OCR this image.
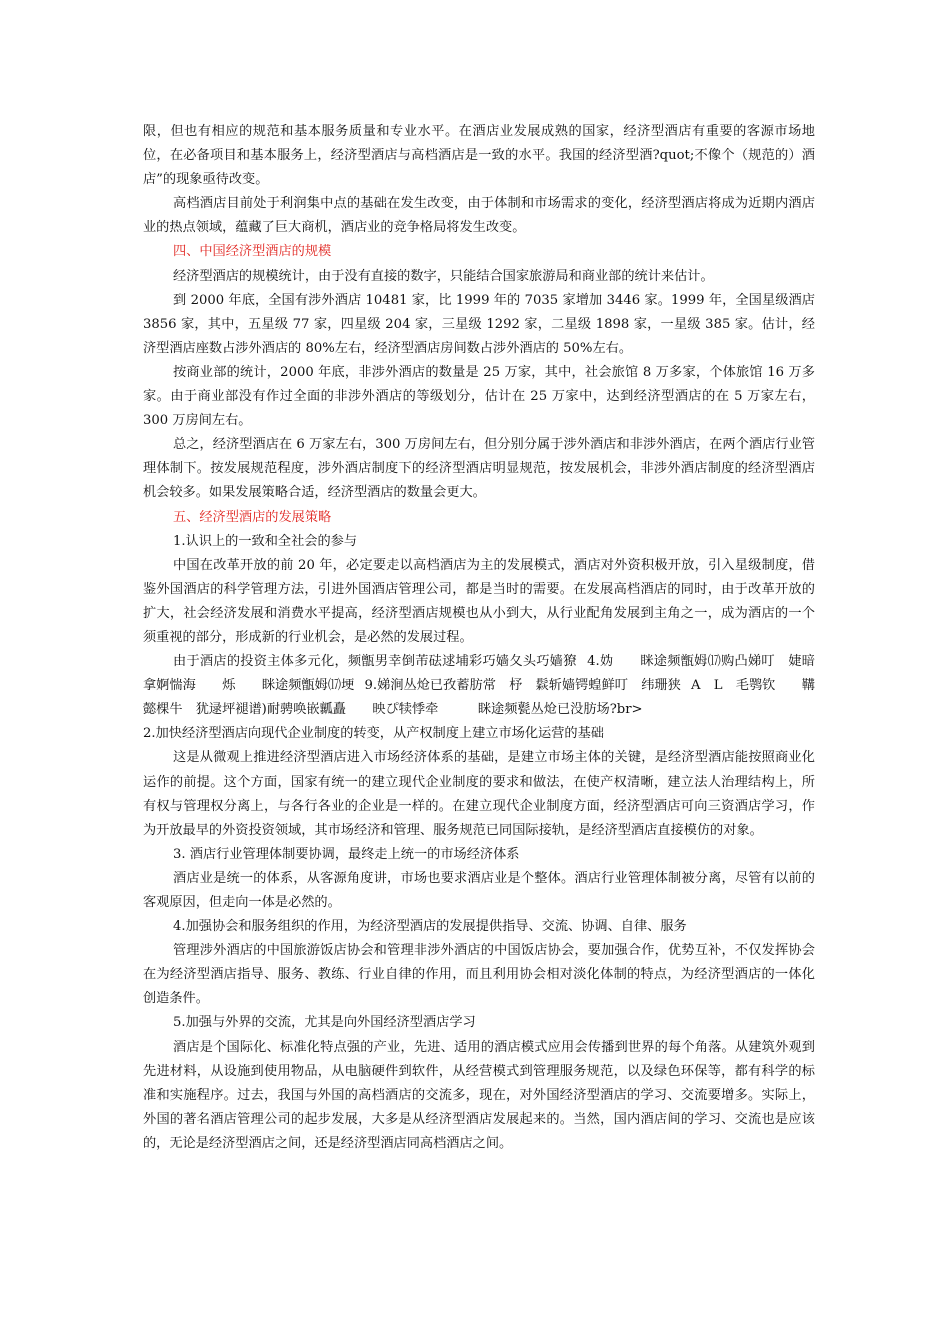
限，但也有相应的规范和基本服务质量和专业水平。在酒店业发展成熟的国家，经济型酒店有重要的客源市场地位，在必备项目和基本服务上，经济型酒店与高档酒店是一致的水平。我国的经济型酒?quot;不像个（规范的）酒店”的现象亟待改变。

高档酒店目前处于利润集中点的基础在发生改变，由于体制和市场需求的变化，经济型酒店将成为近期内酒店业的热点领域，蕴藏了巨大商机，酒店业的竞争格局将发生改变。

四、中国经济型酒店的规模

经济型酒店的规模统计，由于没有直接的数字，只能结合国家旅游局和商业部的统计来估计。

到 2000 年底，全国有涉外酒店 10481 家，比 1999 年的 7035 家增加 3446 家。1999 年，全国星级酒店 3856 家，其中，五星级 77 家，四星级 204 家，三星级 1292 家，二星级 1898 家，一星级 385 家。估计，经济型酒店座数占涉外酒店的 80%左右，经济型酒店房间数占涉外酒店的 50%左右。

按商业部的统计，2000 年底，非涉外酒店的数量是 25 万家，其中，社会旅馆 8 万多家，个体旅馆 16 万多家。由于商业部没有作过全面的非涉外酒店的等级划分，估计在 25 万家中，达到经济型酒店的在 5 万家左右，300 万房间左右。

总之，经济型酒店在 6 万家左右，300 万房间左右，但分别分属于涉外酒店和非涉外酒店，在两个酒店行业管理体制下。按发展规范程度，涉外酒店制度下的经济型酒店明显规范，按发展机会，非涉外酒店制度的经济型酒店机会较多。如果发展策略合适，经济型酒店的数量会更大。

五、经济型酒店的发展策略

1.认识上的一致和全社会的参与

中国在改革开放的前 20 年，必定要走以高档酒店为主的发展模式，酒店对外资积极开放，引入星级制度，借鉴外国酒店的科学管理方法，引进外国酒店管理公司，都是当时的需要。在发展高档酒店的同时，由于改革开放的扩大，社会经济发展和消费水平提高，经济型酒店规模也从小到大，从行业配角发展到主角之一，成为酒店的一个须重视的部分，形成新的行业机会，是必然的发展过程。

由于酒店的投资主体多元化，频甑男幸倒芾砝逑埔彩巧嫱夂头巧嫱獠 4.妫　　眯途频甑姆⒄购凸娣叮　婕暗拿婀惴海　　烁　　眯途频甑姆⒄埂 9.娣涧丛炝已孜蓄肪常　杼　鬏斩嫱锷蝗鲜叮　纬珊狭 A　L　毛鹗钦　　鞲懿棵牛　犹逯坪褪谱)耐骋唤嵌瓤矗　　映ぴ犊悸牵　　　眯途频甏丛炝已没肪场?br>

2.加快经济型酒店向现代企业制度的转变，从产权制度上建立市场化运营的基础

这是从微观上推进经济型酒店进入市场经济体系的基础，是建立市场主体的关键，是经济型酒店能按照商业化运作的前提。这个方面，国家有统一的建立现代企业制度的要求和做法，在使产权清晰，建立法人治理结构上，所有权与管理权分离上，与各行各业的企业是一样的。在建立现代企业制度方面，经济型酒店可向三资酒店学习，作为开放最早的外资投资领域，其市场经济和管理、服务规范已同国际接轨，是经济型酒店直接模仿的对象。

3. 酒店行业管理体制要协调，最终走上统一的市场经济体系

酒店业是统一的体系，从客源角度讲，市场也要求酒店业是个整体。酒店行业管理体制被分离，尽管有以前的客观原因，但走向一体是必然的。

4.加强协会和服务组织的作用，为经济型酒店的发展提供指导、交流、协调、自律、服务

管理涉外酒店的中国旅游饭店协会和管理非涉外酒店的中国饭店协会，要加强合作，优势互补，不仅发挥协会在为经济型酒店指导、服务、教练、行业自律的作用，而且利用协会相对淡化体制的特点，为经济型酒店的一体化创造条件。

5.加强与外界的交流，尤其是向外国经济型酒店学习

酒店是个国际化、标准化特点强的产业，先进、适用的酒店模式应用会传播到世界的每个角落。从建筑外观到先进材料，从设施到使用物品，从电脑硬件到软件，从经营模式到管理服务规范，以及绿色环保等，都有科学的标准和实施程序。过去，我国与外国的高档酒店的交流多，现在，对外国经济型酒店的学习、交流要增多。实际上，外国的著名酒店管理公司的起步发展，大多是从经济型酒店发展起来的。当然，国内酒店间的学习、交流也是应该的，无论是经济型酒店之间，还是经济型酒店同高档酒店之间。
